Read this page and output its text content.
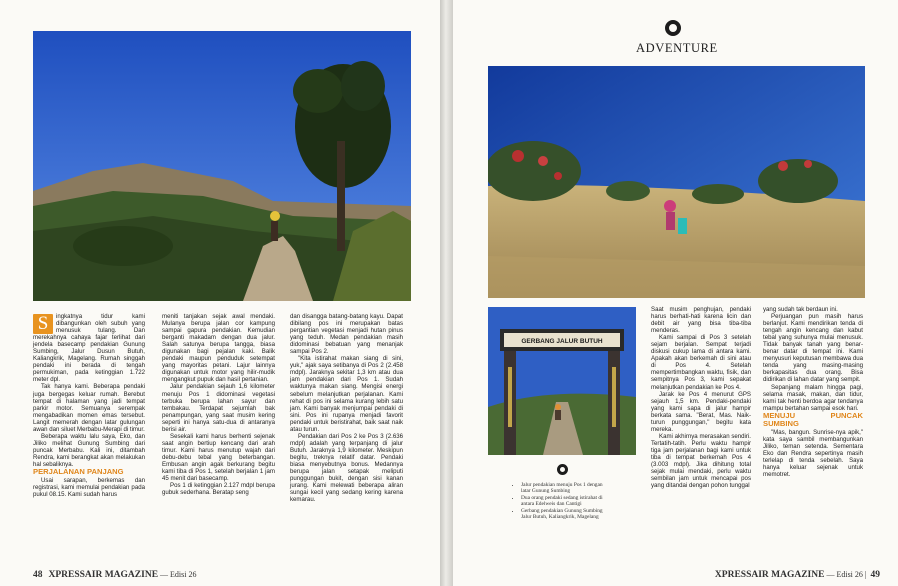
S	ingkatnya tidur kami dibangunkan oleh subuh yang menusuk tulang. Dan merekahnya cahaya fajar terlihat dari jendela basecamp pendakian Gunung Sumbing, Jalur Dusun Butuh, Kaliangkrik, Magelang. Rumah singgah pendaki ini berada di tengah permukiman, pada ketinggian 1.722 meter dpl.

Tak hanya kami. Beberapa pendaki juga bergegas keluar rumah. Berebut tempat di halaman yang jadi tempat parkir motor. Semuanya serempak mengabadikan momen emas tersebut. Langit memerah dengan latar gulungan awan dan siluet Merbabu-Merapi di timur.

Beberapa waktu lalu saya, Eko, dan Jiliko melihat Gunung Sumbing dari puncak Merbabu. Kali ini, ditambah Rendra, kami berangkat akan melakukan hal sebaliknya.

PERJALANAN PANJANG

Usai sarapan, berkemas dan registrasi, kami memulai pendakian pada pukul 08.15. Kami sudah harus

meniti tanjakan sejak awal mendaki. Mulanya berupa jalan cor kampung sampai gapura pendakian. Kemudian berganti makadam dengan dua jalur. Salah satunya berupa tangga, biasa digunakan bagi pejalan kaki. Balik pendaki maupun penduduk setempat yang mayoritas petani. Lajur lainnya digunakan untuk motor yang hilir-mudik mengangkut pupuk dan hasil pertanian.

Jalur pendakian sejauh 1,6 kilometer menuju Pos 1 didominasi vegetasi terbuka berupa lahan sayur dan tembakau. Terdapat sejumlah bak penampungan, yang saat musim kering seperti ini hanya satu-dua di antaranya berisi air.

Sesekali kami harus berhenti sejenak saat angin bertiup kencang dari arah timur. Kami harus menutup wajah dari debu-debu tebal yang beterbangan. Embusan angin agak berkurang begitu kami tiba di Pos 1, setelah berjalan 1 jam 45 menit dari basecamp.

Pos 1 di ketinggian 2.127 mdpl berupa gubuk sederhana. Beratap seng

dan disangga batang-batang kayu. Dapat dibilang pos ini merupakan batas pergantian vegetasi menjadi hutan pinus yang teduh. Medan pendakian masih didominasi bebatuan yang menanjak sampai Pos 2.

"Kita istirahat makan siang di sini, yuk," ajak saya setibanya di Pos 2 (2.458 mdpl). Jaraknya sekitar 1,3 km atau dua jam pendakian dari Pos 1. Sudah waktunya makan siang. Mengisi energi sebelum melanjutkan perjalanan. Kami rehat di pos ini selama kurang lebih satu jam. Kami banyak menjumpai pendaki di sini. Pos ini rupanya menjadi favorit pendaki untuk beristirahat, baik saat naik atau turun.

Pendakian dari Pos 2 ke Pos 3 (2.636 mdpl) adalah yang terpanjang di jalur Butuh. Jaraknya 1,9 kilometer. Meskipun begitu, treknya relatif datar. Pendaki biasa menyebutnya bonus. Medannya berupa jalan setapak meliputi punggungan bukit, dengan sisi kanan jurang. Kami melewati beberapa aliran sungai kecil yang sedang kering karena kemarau.

48 XPRESSAIR MAGAZINE — Edisi 26
ADVENTURE
GERBANG JALUR BUTUH
• Jalur pendakian menuju Pos 1 dengan latar Gunung Sumbing
• Dua orang pendaki sedang istirahat di antara Edelweis dan Cantigi
• Gerbang pendakian Gunung Sumbing Jalur Butuh, Kaliangkrik, Magelang

Saat musim penghujan, pendaki harus berhati-hati karena licin dan debit air yang bisa tiba-tiba menderas.

Kami sampai di Pos 3 setelah sejam berjalan. Sempat terjadi diskusi cukup lama di antara kami. Apakah akan berkemah di sini atau di Pos 4. Setelah mempertimbangkan waktu, fisik, dan sempitnya Pos 3, kami sepakat melanjutkan pendakian ke Pos 4.

Jarak ke Pos 4 menurut GPS sejauh 1,5 km. Pendaki-pendaki yang kami sapa di jalur hampir berkata sama. "Berat, Mas. Naik-turun punggungan," begitu kata mereka.

Kami akhirnya merasakan sendiri. Tertatih-tatih. Perlu waktu hampir tiga jam perjalanan bagi kami untuk tiba di tempat berkemah Pos 4 (3.003 mdpl). Jika dihitung total sejak mulai mendaki, perlu waktu sembilan jam untuk mencapai pos yang ditandai dengan pohon tunggal

yang sudah tak berdaun ini.

Perjuangan pun masih harus berlanjut. Kami mendirikan tenda di tengah angin kencang dan kabut tebal yang suhunya mulai menusuk. Tidak banyak tanah yang benar-benar datar di tempat ini. Kami menyusuri keputusan membawa dua tenda yang masing-masing berkapasitas dua orang. Bisa didirikan di lahan datar yang sempit.

Sepanjang malam hingga pagi, selama masak, makan, dan tidur, kami tak henti berdoa agar tendanya mampu bertahan sampai esok hari.

MENUJU PUNCAK SUMBING

"Mas, bangun. Sunrise-nya apik," kata saya sambil membangunkan Jiliko, teman setenda. Sementara Eko dan Rendra sepertinya masih terlelap di tenda sebelah. Saya hanya keluar sejenak untuk memotret.

XPRESSAIR MAGAZINE — Edisi 26 | 49
